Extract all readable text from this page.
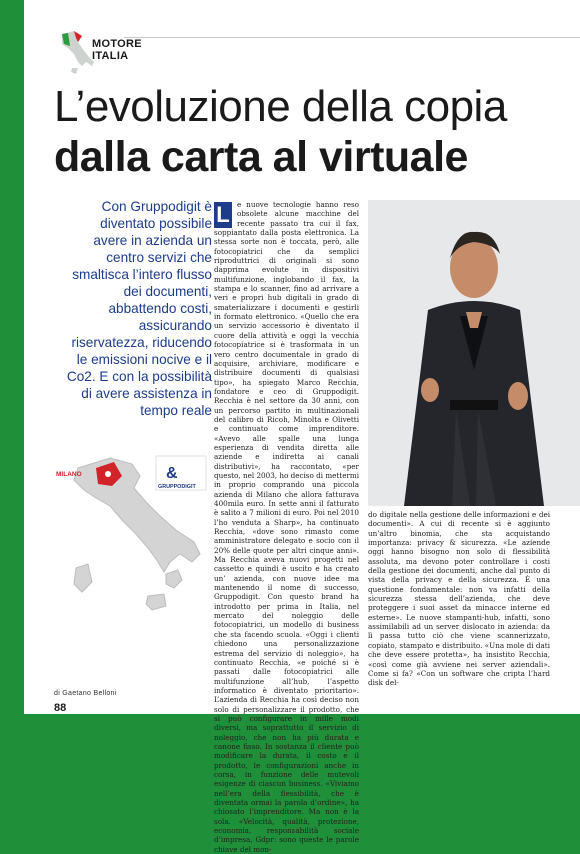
MOTORE
ITALIA
L’evoluzione della copia
dalla carta al virtuale
Con Gruppodigit è diventato possibile avere in azienda un centro servizi che smaltisca l’intero flusso dei documenti, abbattendo costi, assicurando riservatezza, riducendo le emissioni nocive e il Co2. E con la possibilità di avere assistenza in tempo reale
MILANO	&
GRUPPODIGIT
di Gaetano Belloni
88
L	e nuove tecnologie hanno reso obsolete alcune macchine del recente passato tra cui il fax, soppiantato dalla posta elettronica. La stessa sorte non è toccata, però, alle fotocopiatrici che da semplici riproduttrici di originali si sono dapprima evolute in dispositivi multifunzione, inglobando il fax, la stampa e lo scanner, fino ad arrivare a veri e propri hub digitali in grado di smaterializzare i documenti e gestirli in formato elettronico. «Quello che era un servizio accessorio è diventato il cuore della attività e oggi la vecchia fotocopiatrice si è trasformata in un vero centro documentale in grado di acquisire, archiviare, modificare e distribuire documenti di qualsiasi tipo», ha spiegato Marco Recchia, fondatore e ceo di Gruppodigit. Recchia è nel settore da 30 anni, con un percorso partito in multinazionali del calibro di Ricoh, Minolta e Olivetti e continuato come imprenditore. «Avevo alle spalle una lunga esperienza di vendita diretta alle aziende e indiretta ai canali distributivi», ha raccontato, «per questo, nel 2003, ho deciso di mettermi in proprio comprando una piccola azienda di Milano che allora fatturava 400mila euro. In sette anni il fatturato è salito a 7 milioni di euro. Poi nel 2010 l’ho venduta a Sharp», ha continuato Recchia, «dove sono rimasto come amministratore delegato e socio con il 20% delle quote per altri cinque anni». Ma Recchia aveva nuovi progetti nel cassetto e quindi è uscito e ha creato un’ azienda, con nuove idee ma mantenendo il nome di successo, Gruppodigit. Con questo brand ha introdotto per prima in Italia, nel mercato del noleggio delle fotocopiatrici, un modello di business che sta facendo scuola. «Oggi i clienti chiedono una personalizzazione estrema del servizio di noleggio», ha continuato Recchia, «e poiché si è passati dalle fotocopiatrici alle multifunzione all’hub, l’aspetto informatico è diventato prioritario». L’azienda di Recchia ha così deciso non solo di personalizzare il prodotto, che si può configurare in mille modi diversi, ma soprattutto il servizio di noleggio, che non ha più durata e canone fisso. In sostanza il cliente può modificare la durata, il costo e il prodotto, le configurazioni anche in corsa, in funzione delle mutevoli esigenze di ciascun business. «Viviamo nell’era della flessibilità, che è diventata ormai la parola d’ordine», ha chiosato l’imprenditore. Ma non è la sola. «Velocità, qualità, protezione, economia, responsabilità sociale d’impresa, Gdpr: sono queste le parole chiave del mon-
do digitale nella gestione delle informazioni e dei documenti». A cui di recente si è aggiunto un’altro binomia, che sta acquistando importanza: privacy & sicurezza. «Le aziende oggi hanno bisogno non solo di flessibilità assoluta, ma devono poter controllare i costi della gestione dei documenti, anche dal punto di vista della privacy e della sicurezza. È una questione fondamentale: non va infatti della sicurezza stessa dell’azienda, che deve proteggere i suoi asset da minacce interne ed esterne». Le nuove stampanti-hub, infatti, sono assimilabili ad un server dislocato in azienda: da lì passa tutto ciò che viene scannerizzato, copiato, stampato e distribuito. «Una mole di dati che deve essere protetta», ha insistito Recchia, «così come già avviene nei server aziendali». Come si fa? «Con un software che cripta l’hard disk del-
